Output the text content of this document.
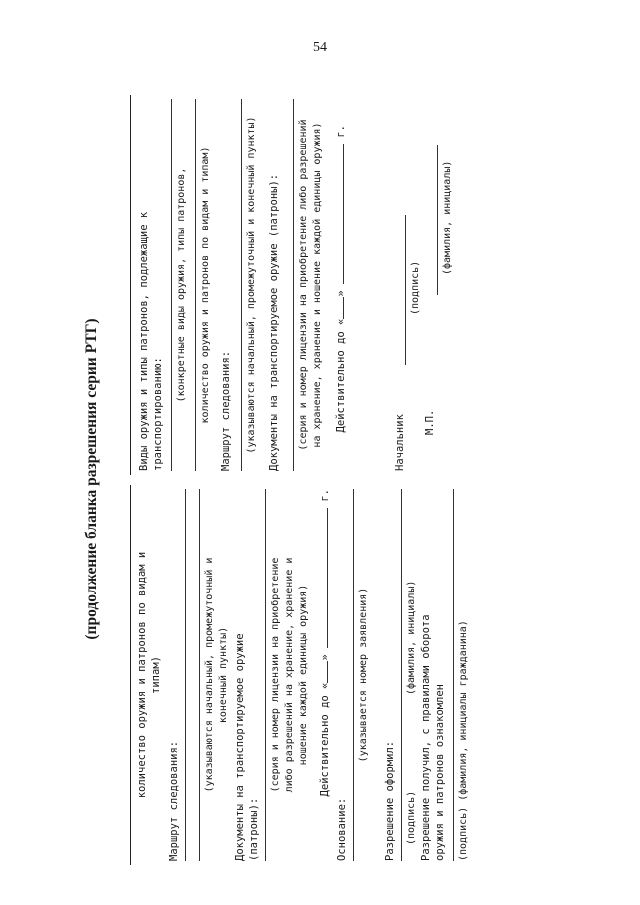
54
(продолжение бланка разрешения серии РТГ)
количество оружия и патронов по видам и типам)
Маршрут следования:
(указываются начальный, промежуточный и конечный пункты) Документы на транспортируемое оружие (патроны):
(серия и номер лицензии на приобретение либо разрешений на хранение, хранение и ношение каждой единицы оружия) Действительно до «»  г.
Основание:
(указывается номер заявления)
Разрешение оформил: (подпись)
(фамилия, инициалы) Разрешение получил, с правилами оборота оружия и патронов ознакомлен (подпись) (фамилия, инициалы гражданина)
Виды оружия и типы патронов, подлежащие к транспортированию:
(конкретные виды оружия, типы патронов, количество оружия и патронов по видам и типам) Маршрут следования: (указываются начальный, промежуточный и конечный пункты) Документы на транспортируемое оружие (патроны): (серия и номер лицензии на приобретение либо разрешений на хранение, хранение и ношение каждой единицы оружия) Действительно до «»  г.
Начальник
(подпись)
М.П.
(фамилия, инициалы)
